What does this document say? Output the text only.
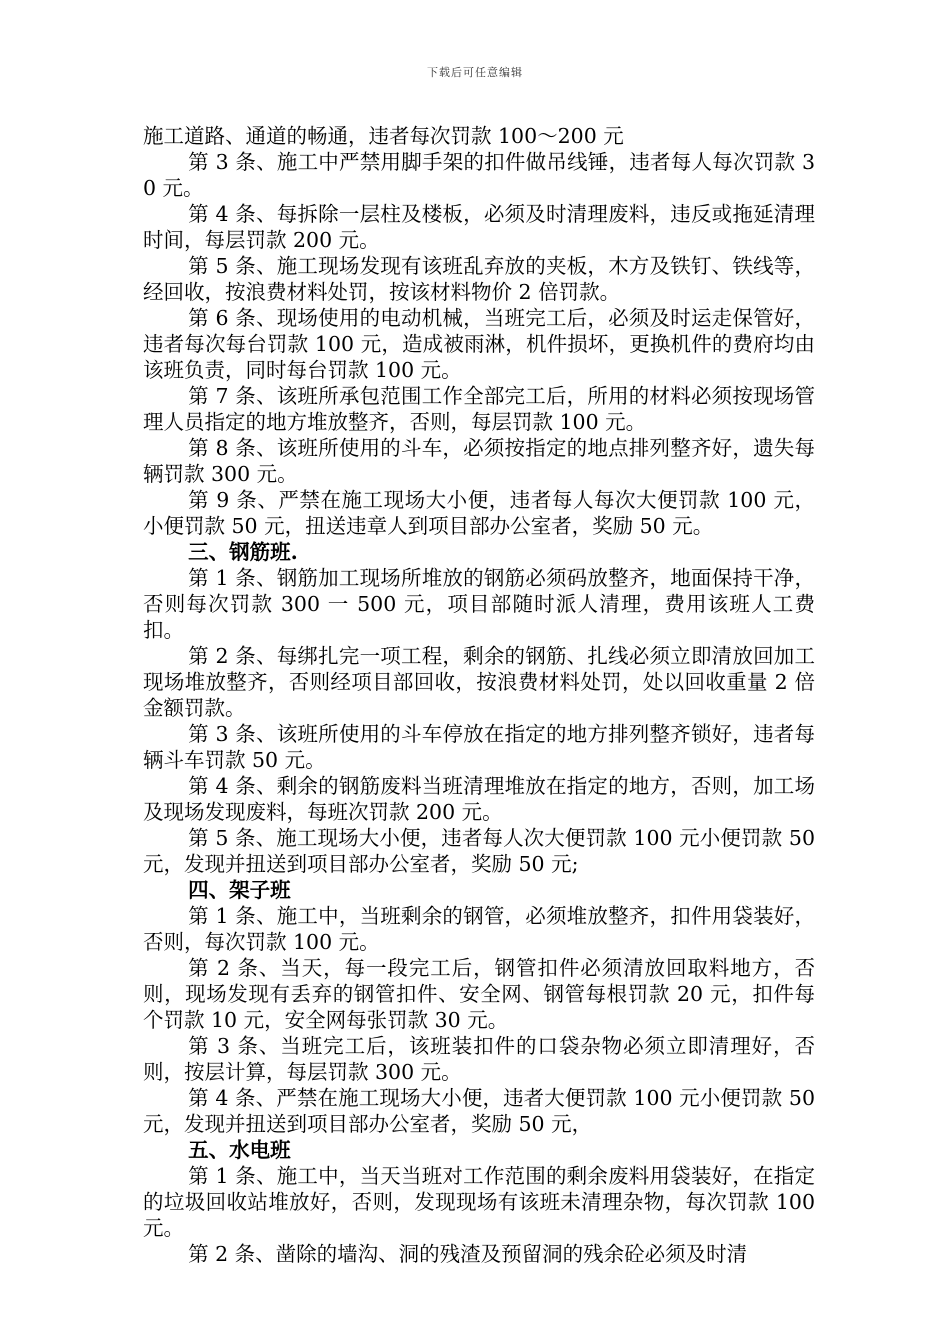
下载后可任意编辑

施工道路、通道的畅通，违者每次罚款 100～200 元

第 3 条、施工中严禁用脚手架的扣件做吊线锤，违者每人每次罚款 30 元。

第 4 条、每拆除一层柱及楼板，必须及时清理废料，违反或拖延清理时间，每层罚款 200 元。

第 5 条、施工现场发现有该班乱弃放的夹板，木方及铁钉、铁线等，经回收，按浪费材料处罚，按该材料物价 2 倍罚款。

第 6 条、现场使用的电动机械，当班完工后，必须及时运走保管好，违者每次每台罚款 100 元，造成被雨淋，机件损坏，更换机件的费府均由该班负责，同时每台罚款 100 元。

第 7 条、该班所承包范围工作全部完工后，所用的材料必须按现场管理人员指定的地方堆放整齐，否则，每层罚款 100 元。

第 8 条、该班所使用的斗车，必须按指定的地点排列整齐好，遗失每辆罚款 300 元。

第 9 条、严禁在施工现场大小便，违者每人每次大便罚款 100 元，小便罚款 50 元，扭送违章人到项目部办公室者，奖励 50 元。

三、钢筋班.

第 1 条、钢筋加工现场所堆放的钢筋必须码放整齐，地面保持干净，否则每次罚款 300 一 500 元，项目部随时派人清理，费用该班人工费扣。

第 2 条、每绑扎完一项工程，剩余的钢筋、扎线必须立即清放回加工现场堆放整齐，否则经项目部回收，按浪费材料处罚，处以回收重量 2 倍金额罚款。

第 3 条、该班所使用的斗车停放在指定的地方排列整齐锁好，违者每辆斗车罚款 50 元。

第 4 条、剩余的钢筋废料当班清理堆放在指定的地方，否则，加工场及现场发现废料，每班次罚款 200 元。

第 5 条、施工现场大小便，违者每人次大便罚款 100 元小便罚款 50 元，发现并扭送到项目部办公室者，奖励 50 元;

四、架子班

第 1 条、施工中，当班剩余的钢管，必须堆放整齐，扣件用袋装好，否则，每次罚款 100 元。

第 2 条、当天，每一段完工后，钢管扣件必须清放回取料地方，否则，现场发现有丢弃的钢管扣件、安全网、钢管每根罚款 20 元，扣件每个罚款 10 元，安全网每张罚款 30 元。

第 3 条、当班完工后，该班装扣件的口袋杂物必须立即清理好，否则，按层计算，每层罚款 300 元。

第 4 条、严禁在施工现场大小便，违者大便罚款 100 元小便罚款 50 元，发现并扭送到项目部办公室者，奖励 50 元，

五、水电班

第 1 条、施工中，当天当班对工作范围的剩余废料用袋装好，在指定的垃圾回收站堆放好，否则，发现现场有该班未清理杂物，每次罚款 100 元。

第 2 条、凿除的墙沟、洞的残渣及预留洞的残余砼必须及时清
